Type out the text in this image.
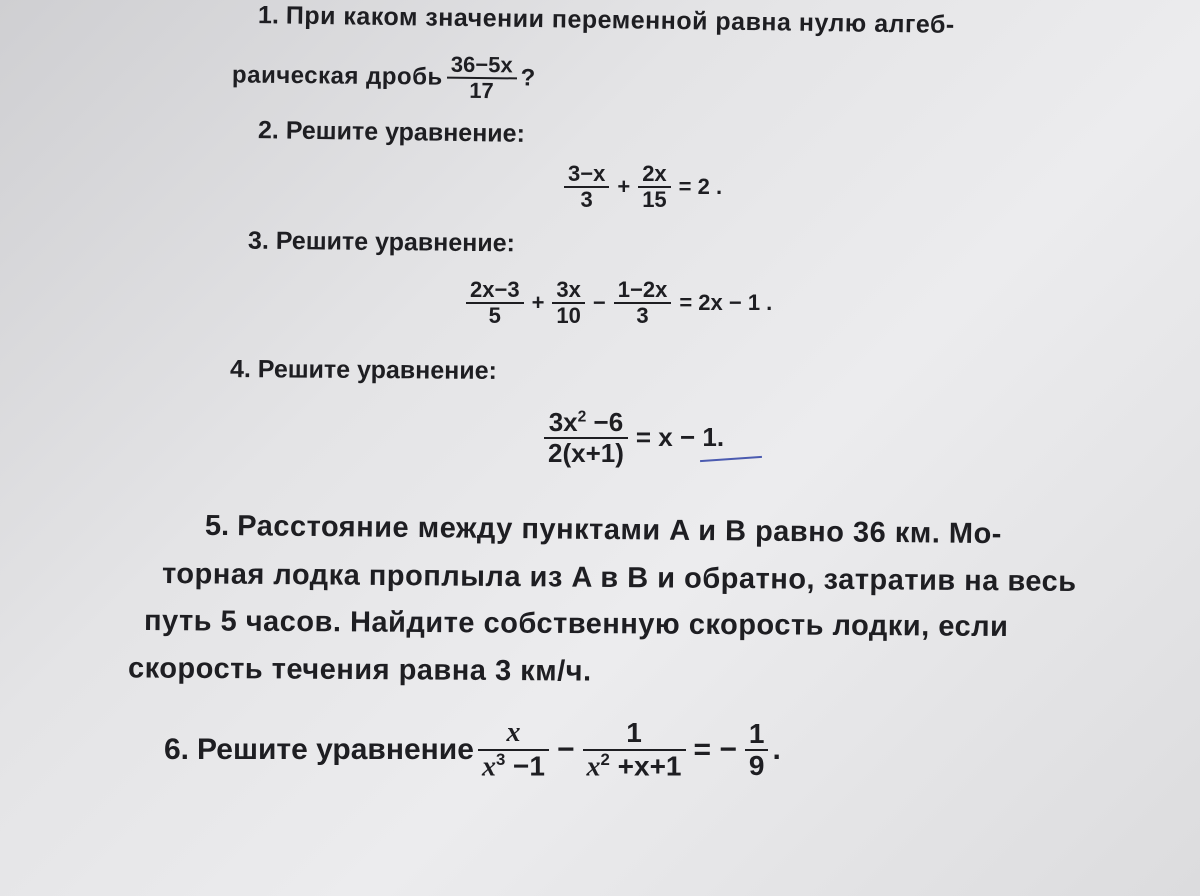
1. При каком значении переменной равна нулю алгеб-
раическая дробь $\frac{36-5x}{17}$ ?
2. Решите уравнение:
$\frac{3-x}{3} + \frac{2x}{15} = 2$ .
3. Решите уравнение:
$\frac{2x-3}{5} + \frac{3x}{10} - \frac{1-2x}{3} = 2x - 1$ .
4. Решите уравнение:
$\frac{3x^2 -6}{2(x+1)} = x - 1$.
5. Расстояние между пунктами A и B равно 36 км. Мо-
торная лодка проплыла из A в B и обратно, затратив на весь
путь 5 часов. Найдите собственную скорость лодки, если
скорость течения равна 3 км/ч.
6. Решите уравнение $\frac{x}{x^3 -1} - \frac{1}{x^2 +x+1}$ = − $\frac{1}{9}$ .
